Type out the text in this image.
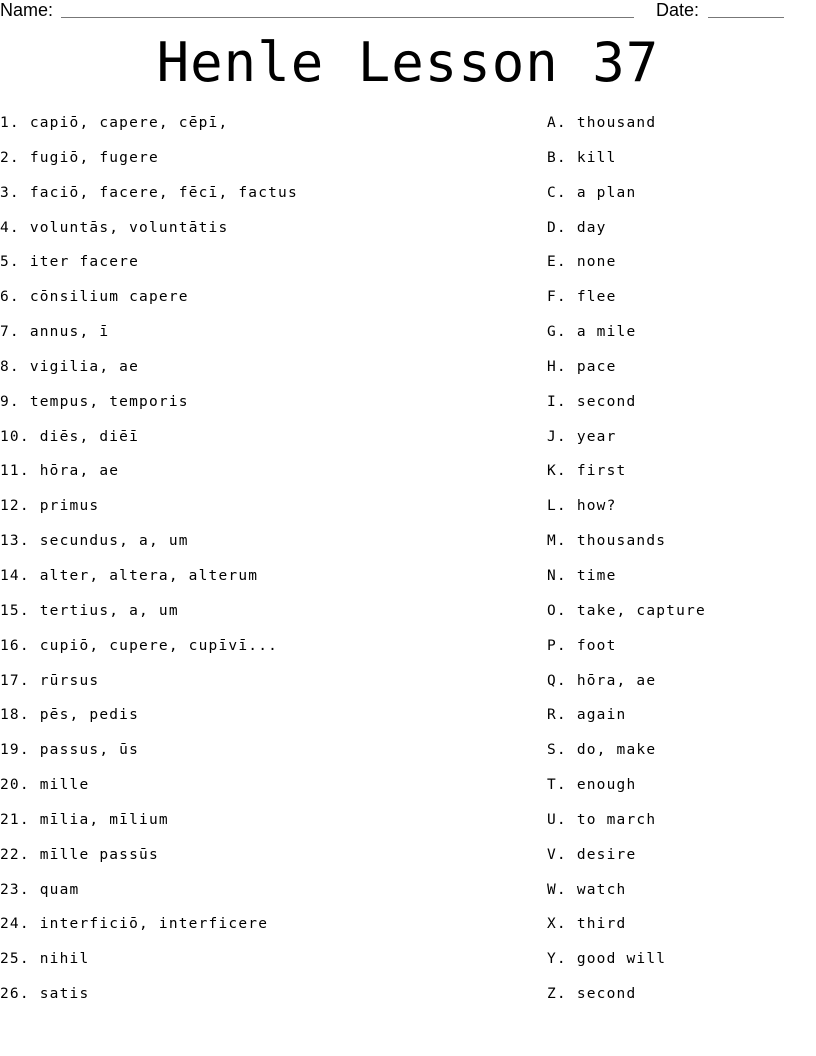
Name:	Date:
Henle Lesson 37
1. capiō, capere, cēpī,
2. fugiō, fugere
3. faciō, facere, fēcī, factus
4. voluntās, voluntātis
5. iter facere
6. cōnsilium capere
7. annus, ī
8. vigilia, ae
9. tempus, temporis
10. diēs, diēī
11. hōra, ae
12. primus
13. secundus, a, um
14. alter, altera, alterum
15. tertius, a, um
16. cupiō, cupere, cupīvī...
17. rūrsus
18. pēs, pedis
19. passus, ūs
20. mille
21. mīlia, mīlium
22. mīlle passūs
23. quam
24. interficiō, interficere
25. nihil
26. satis
A. thousand
B. kill
C. a plan
D. day
E. none
F. flee
G. a mile
H. pace
I. second
J. year
K. first
L. how?
M. thousands
N. time
O. take, capture
P. foot
Q. hōra, ae
R. again
S. do, make
T. enough
U. to march
V. desire
W. watch
X. third
Y. good will
Z. second
